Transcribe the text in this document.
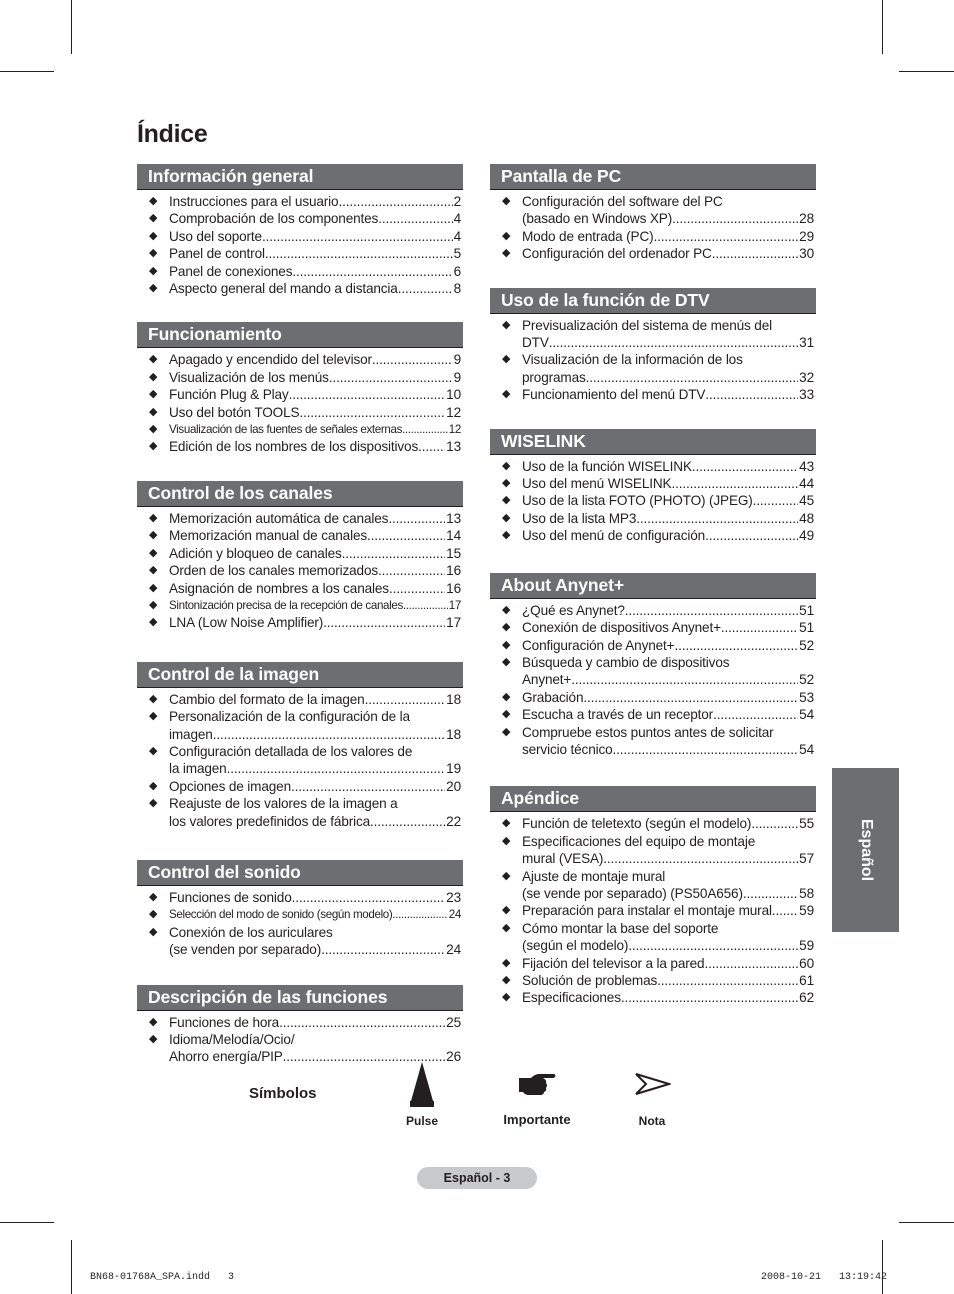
Índice
Información general
◆ Instrucciones para el usuario .....	2
◆ Comprobación de los componentes .....	4
◆ Uso del soporte .....	4
◆ Panel de control .....	5
◆ Panel de conexiones .....	6
◆ Aspecto general del mando a distancia .....	8
Funcionamiento
◆ Apagado y encendido del televisor .....	9
◆ Visualización de los menús .....	9
◆ Función Plug & Play .....	10
◆ Uso del botón TOOLS .....	12
◆ Visualización de las fuentes de señales externas .....	12
◆ Edición de los nombres de los dispositivos ..... 13
Control de los canales
◆ Memorización automática de canales .....	13
◆ Memorización manual de canales .....	14
◆ Adición y bloqueo de canales .....	15
◆ Orden de los canales memorizados .....	16
◆ Asignación de nombres a los canales .....	16
◆ Sintonización precisa de la recepción de canales .....	17
◆ LNA (Low Noise Amplifier) .....	17
Control de la imagen
◆ Cambio del formato de la imagen .....	18
◆ Personalización de la configuración de la
imagen .....	18
◆ Configuración detallada de los valores de
la imagen .....	19
◆ Opciones de imagen .....	20
◆ Reajuste de los valores de la imagen a
los valores predefinidos de fábrica .....	22
Control del sonido
◆ Funciones de sonido .....	23
◆ Selección del modo de sonido (según modelo) .....	24
◆ Conexión de los auriculares
(se venden por separado) .....	24
Descripción de las funciones
◆ Funciones de hora .....	25
◆ Idioma/Melodía/Ocio/
Ahorro energía/PIP .....	26
Pantalla de PC
◆ Configuración del software del PC
(basado en Windows XP) .....	28
◆ Modo de entrada (PC) .....	29
◆ Configuración del ordenador PC .....	30
Uso de la función de DTV
◆ Previsualización del sistema de menús del
DTV .....	31
◆ Visualización de la información de los
programas .....	32
◆ Funcionamiento del menú DTV .....	33
WISELINK
◆ Uso de la función WISELINK .....	43
◆ Uso del menú WISELINK .....	44
◆ Uso de la lista FOTO (PHOTO) (JPEG) .....	45
◆ Uso de la lista MP3 .....	48
◆ Uso del menú de configuración .....	49
About Anynet+
◆ ¿Qué es Anynet? .....	51
◆ Conexión de dispositivos Anynet+ .....	51
◆ Configuración de Anynet+ .....	52
◆ Búsqueda y cambio de dispositivos
Anynet+ .....	52
◆ Grabación .....	53
◆ Escucha a través de un receptor .....	54
◆ Compruebe estos puntos antes de solicitar
servicio técnico .....	54
Apéndice
◆ Función de teletexto (según el modelo) .....	55
◆ Especificaciones del equipo de montaje
mural (VESA) .....	57
◆ Ajuste de montaje mural
(se vende por separado) (PS50A656) .....	58
◆ Preparación para instalar el montaje mural ..... 59
◆ Cómo montar la base del soporte
(según el modelo) .....	59
◆ Fijación del televisor a la pared .....	60
◆ Solución de problemas .....	61
◆ Especificaciones .....	62
Español
Símbolos
Pulse	Importante	Nota
Español - 3
BN68-01768A_SPA.indd   3	2008-10-21   13:19:42
